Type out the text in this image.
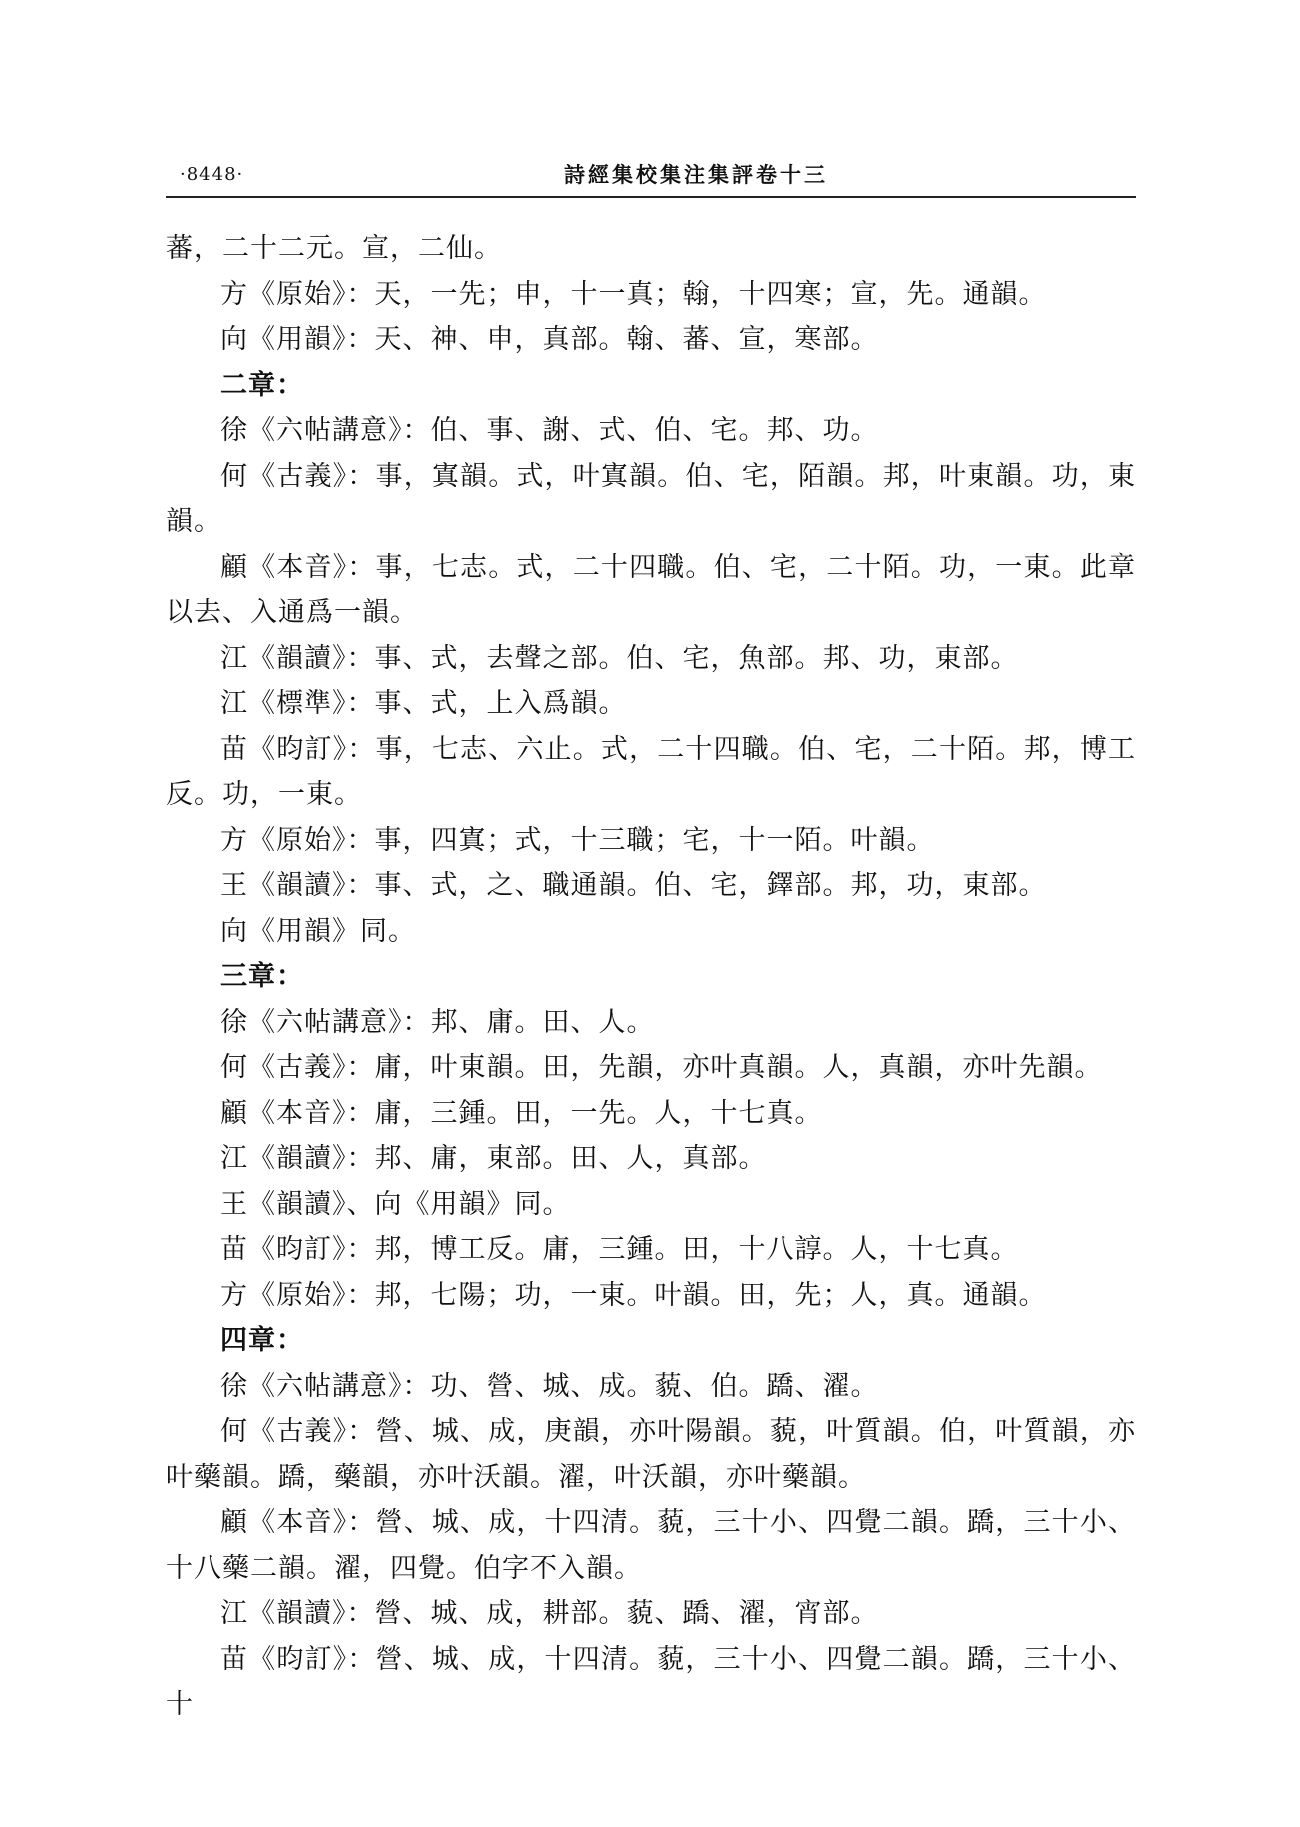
·8448·	詩經集校集注集評卷十三

蕃，二十二元。宣，二仙。

方《原始》：天，一先；申，十一真；翰，十四寒；宣，先。通韻。

向《用韻》：天、神、申，真部。翰、蕃、宣，寒部。

二章：

徐《六帖講意》：伯、事、謝、式、伯、宅。邦、功。

何《古義》：事，寘韻。式，叶寘韻。伯、宅，陌韻。邦，叶東韻。功，東韻。

顧《本音》：事，七志。式，二十四職。伯、宅，二十陌。功，一東。此章以去、入通爲一韻。

江《韻讀》：事、式，去聲之部。伯、宅，魚部。邦、功，東部。

江《標準》：事、式，上入爲韻。

苗《昀訂》：事，七志、六止。式，二十四職。伯、宅，二十陌。邦，博工反。功，一東。

方《原始》：事，四寘；式，十三職；宅，十一陌。叶韻。

王《韻讀》：事、式，之、職通韻。伯、宅，鐸部。邦，功，東部。

向《用韻》同。

三章：

徐《六帖講意》：邦、庸。田、人。

何《古義》：庸，叶東韻。田，先韻，亦叶真韻。人，真韻，亦叶先韻。

顧《本音》：庸，三鍾。田，一先。人，十七真。

江《韻讀》：邦、庸，東部。田、人，真部。

王《韻讀》、向《用韻》同。

苗《昀訂》：邦，博工反。庸，三鍾。田，十八諄。人，十七真。

方《原始》：邦，七陽；功，一東。叶韻。田，先；人，真。通韻。

四章：

徐《六帖講意》：功、營、城、成。藐、伯。蹻、濯。

何《古義》：營、城、成，庚韻，亦叶陽韻。藐，叶質韻。伯，叶質韻，亦叶藥韻。蹻，藥韻，亦叶沃韻。濯，叶沃韻，亦叶藥韻。

顧《本音》：營、城、成，十四清。藐，三十小、四覺二韻。蹻，三十小、十八藥二韻。濯，四覺。伯字不入韻。

江《韻讀》：營、城、成，耕部。藐、蹻、濯，宵部。

苗《昀訂》：營、城、成，十四清。藐，三十小、四覺二韻。蹻，三十小、十
